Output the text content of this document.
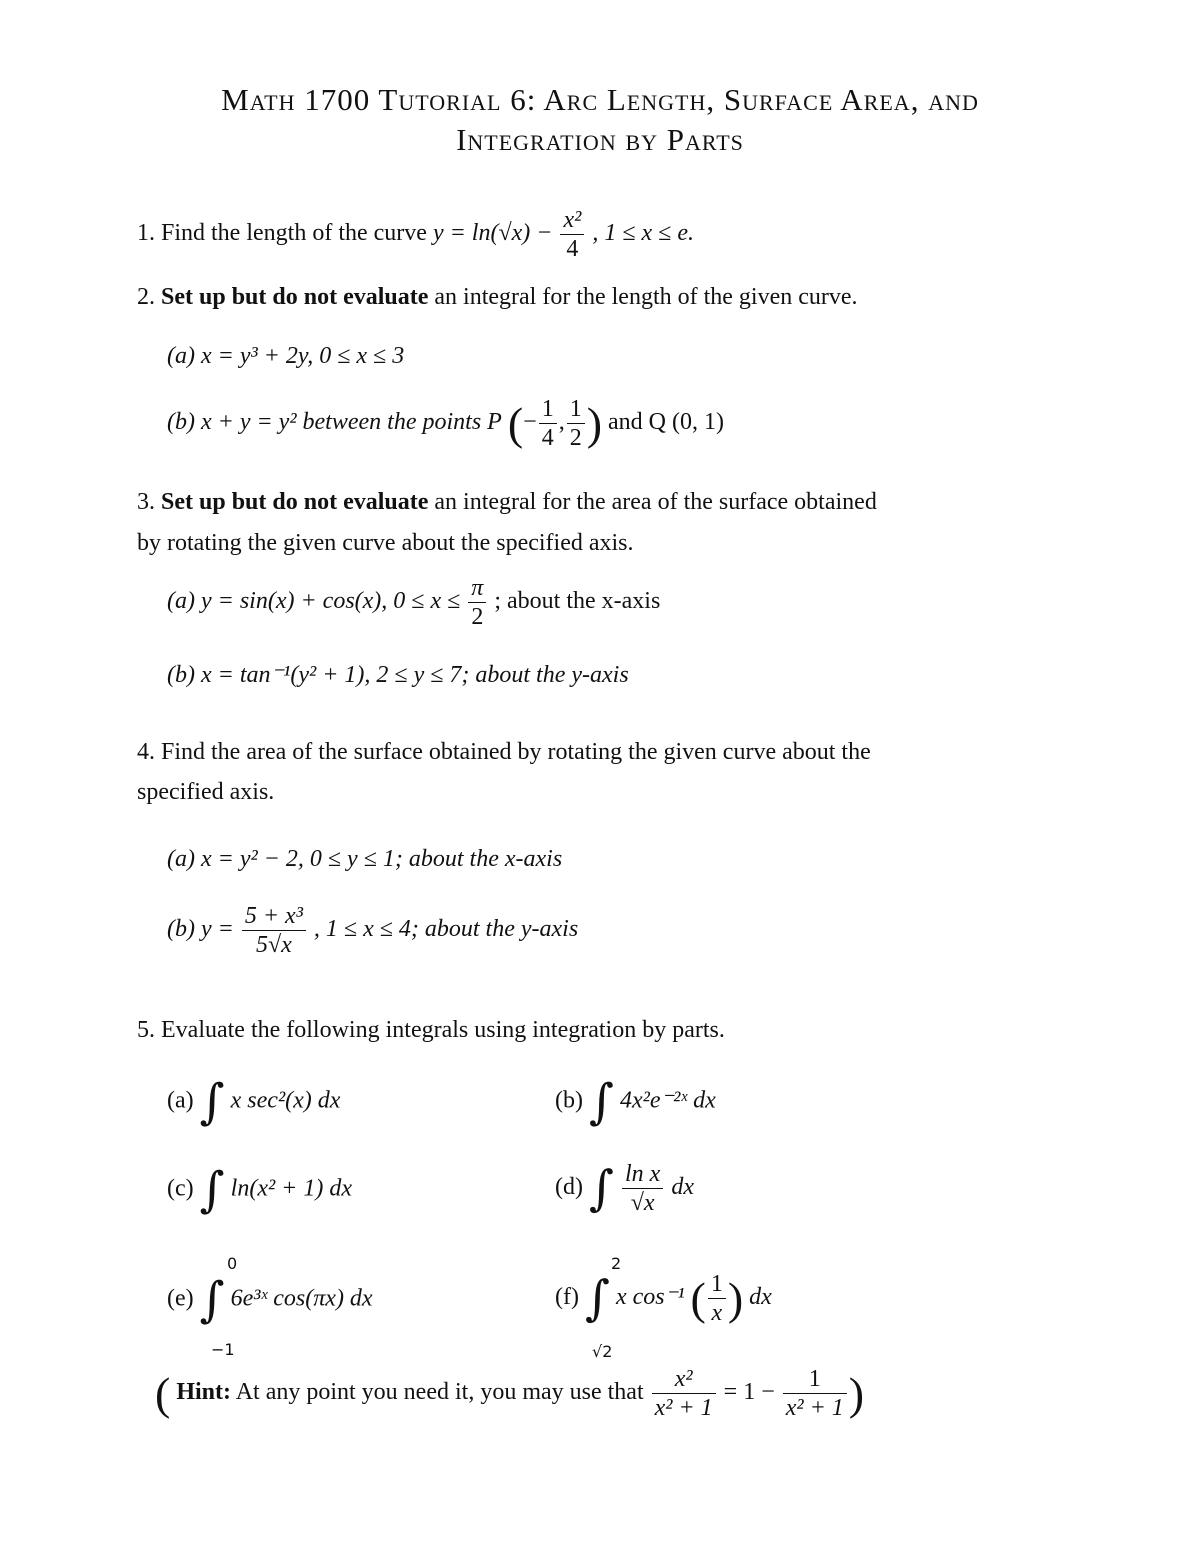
Math 1700 Tutorial 6: Arc Length, Surface Area, and
Integration by Parts
1. Find the length of the curve $y = \ln(√x) - \frac{\text{x²}}{4}$ , 1 ≤ x ≤ e.
2. Set up but do not evaluate an integral for the length of the given curve.
(a) x = y³ + 2y, 0 ≤ x ≤ 3
(b) x + y = y² between the points P (− $\frac{1}{4}$ , $\frac{1}{2}$ ) and Q (0, 1)
3. Set up but do not evaluate an integral for the area of the surface obtained
by rotating the given curve about the specified axis.
(a) y = sin(x) + cos(x), $0 \le x \le \frac{\pi}{2}$ ; about the x-axis
(b) x = tan⁻¹(y² + 1), 2 ≤ y ≤ 7; about the y-axis
4. Find the area of the surface obtained by rotating the given curve about the
specified axis.
(a) x = y² − 2, 0 ≤ y ≤ 1; about the x-axis
(b) $y = \frac{\text{5 + x³}}{5√x}$ , 1 ≤ x ≤ 4; about the y-axis
5. Evaluate the following integrals using integration by parts.
(a) ∫ x sec²(x) dx	(b) ∫ 4x²e⁻²ˣ dx
(c) ∫ ln(x² + 1) dx	(d) ∫ $\frac{\text{ln x}}{√x}$ dx
0
−1
(e) ∫ 6e³ˣ cos(πx) dx
2
√2
(f) ∫ x cos⁻¹ ( $\frac{1}{x}$ ) dx
( Hint: At any point you need it, you may use that $\frac{\text{x²}}{\text{x² + 1}} = 1 - \frac{1}{\text{x² + 1}}$ )
